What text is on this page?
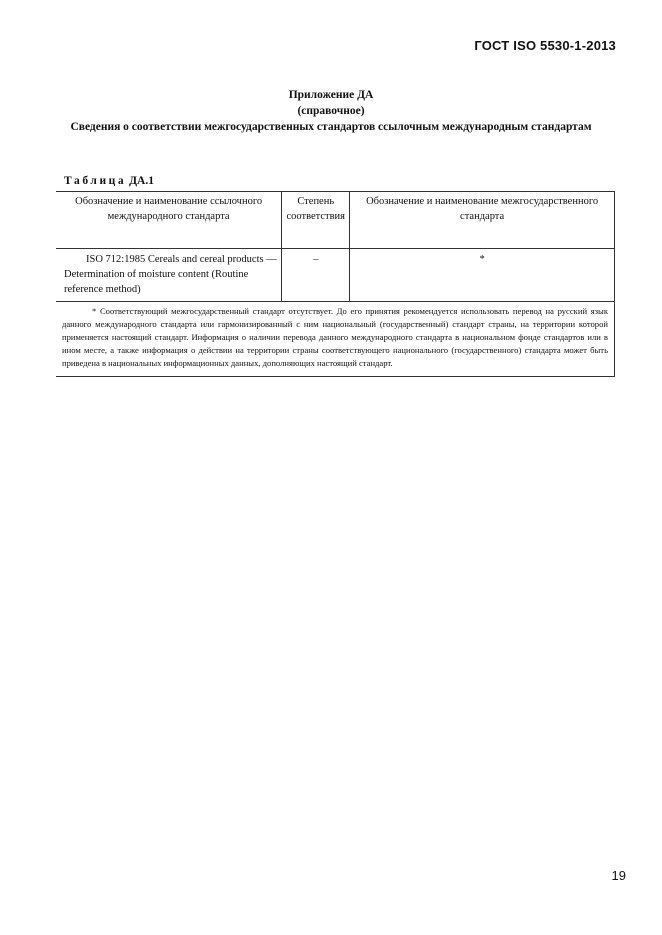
ГОСТ ISO 5530-1-2013
Приложение ДА
(справочное)
Сведения о соответствии межгосударственных стандартов ссылочным международным стандартам
Таблица ДА.1
Обозначение и наименование ссылочного международного стандарта	Степень соответствия	Обозначение и наименование межгосударственного стандарта

ISO 712:1985 Cereals and cereal products — Determination of moisture content (Routine reference method)	–	*
* Соответствующий межгосударственный стандарт отсутствует. До его принятия рекомендуется использовать перевод на русский язык данного международного стандарта или гармонизированный с ним национальный (государственный) стандарт страны, на территории которой применяется настоящий стандарт. Информация о наличии перевода данного международного стандарта в национальном фонде стандартов или в ином месте, а также информация о действии на территории страны соответствующего национального (государственного) стандарта может быть приведена в национальных информационных данных, дополняющих настоящий стандарт.		
19
